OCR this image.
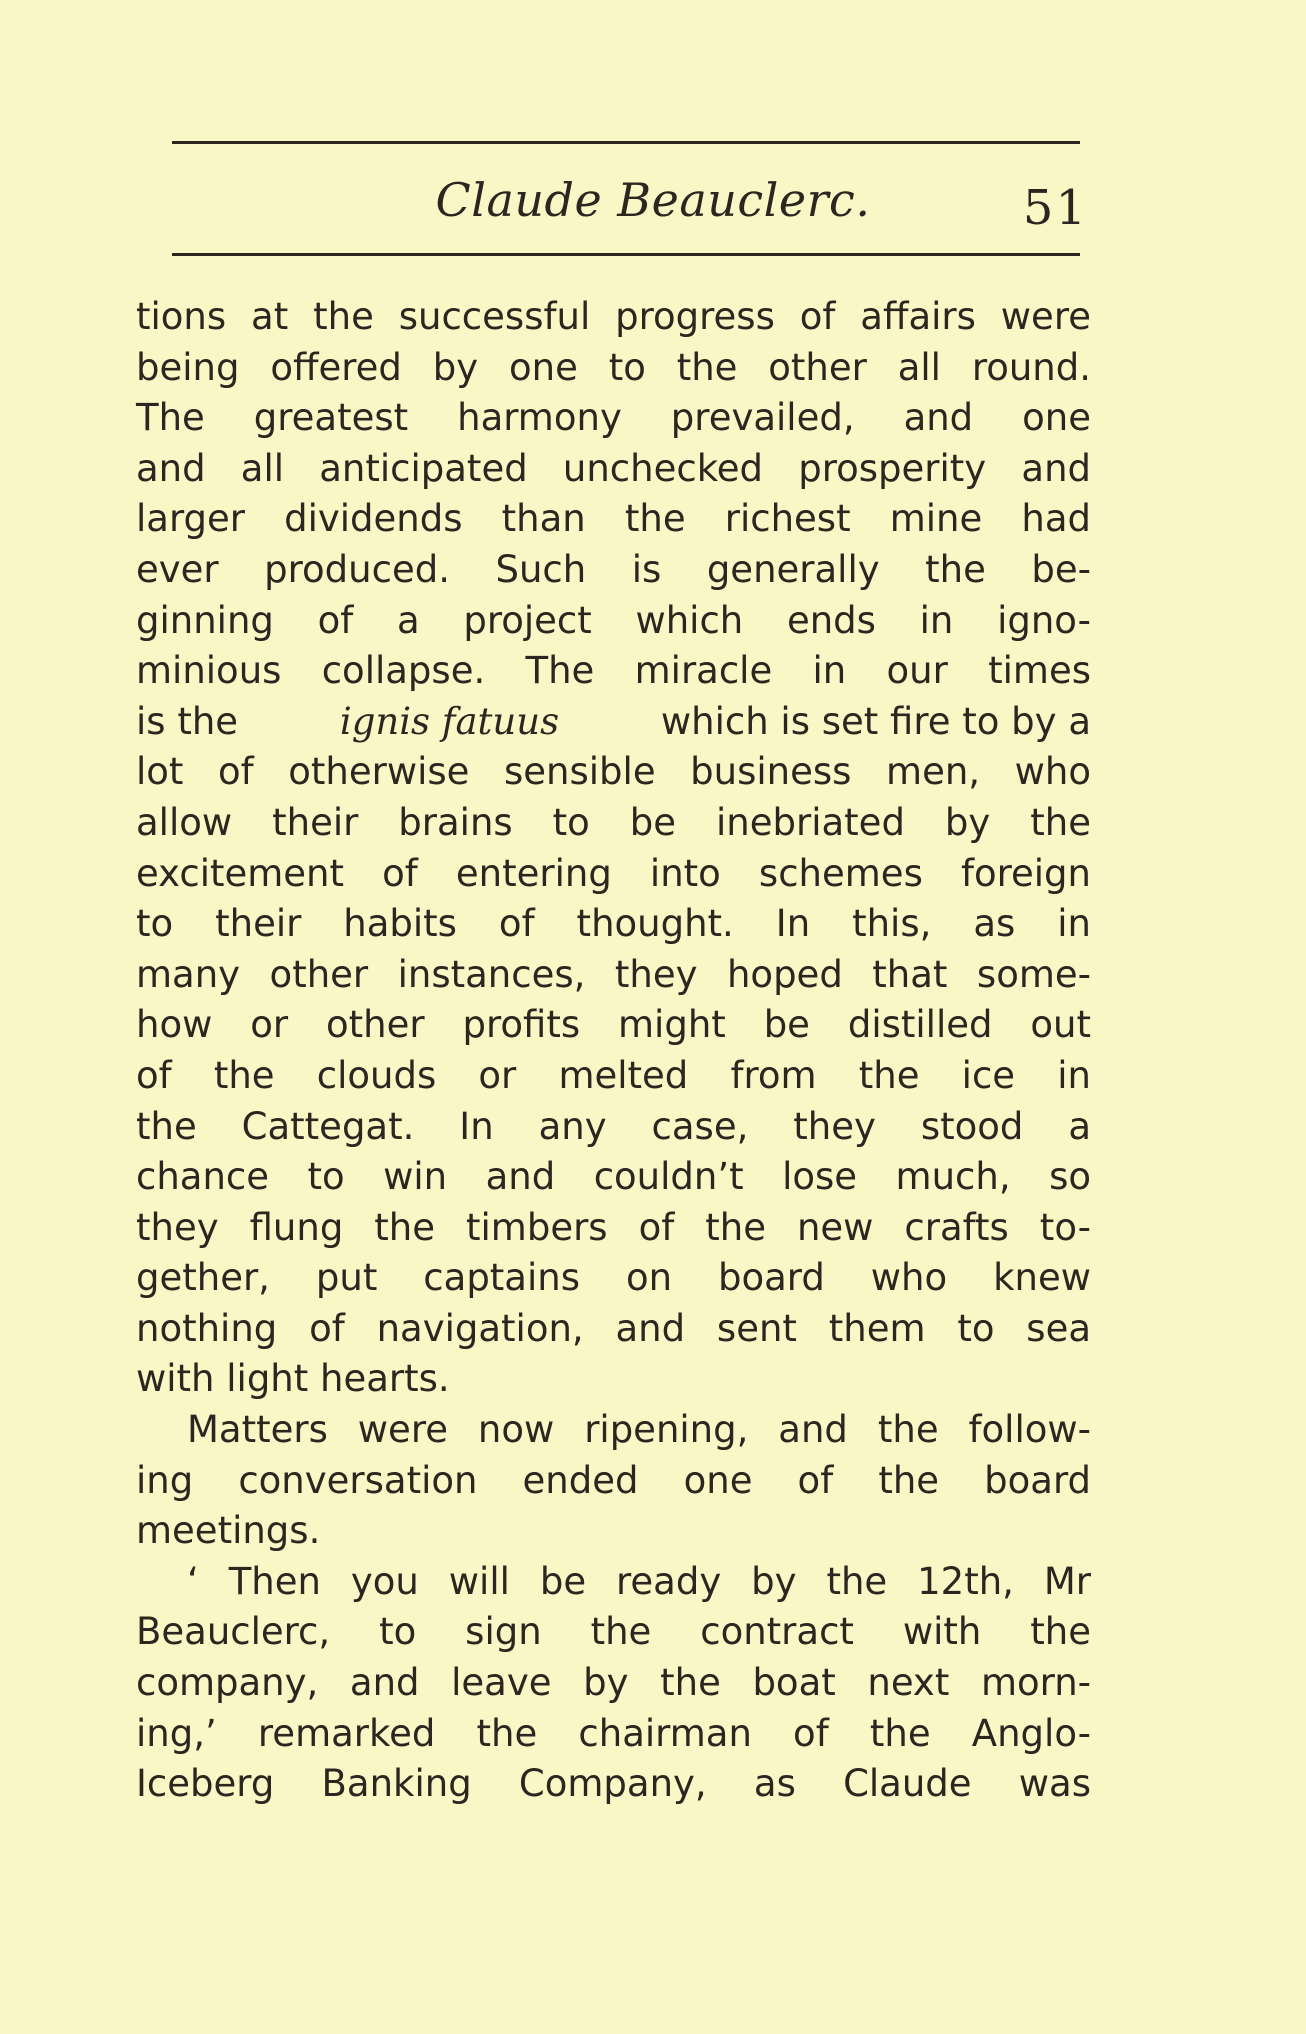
Claude Beauclerc.	51
tions at the successful progress of affairs were
being offered by one to the other all round.
The greatest harmony prevailed, and one
and all anticipated unchecked prosperity and
larger dividends than the richest mine had
ever produced. Such is generally the be-
ginning of a project which ends in igno-
minious collapse. The miracle in our times
is the	ignis fatuus	which is set fire to by a
lot of otherwise sensible business men, who
allow their brains to be inebriated by the
excitement of entering into schemes foreign
to their habits of thought. In this, as in
many other instances, they hoped that some-
how or other profits might be distilled out
of the clouds or melted from the ice in
the Cattegat. In any case, they stood a
chance to win and couldn’t lose much, so
they flung the timbers of the new crafts to-
gether, put captains on board who knew
nothing of navigation, and sent them to sea
with light hearts.
Matters were now ripening, and the follow-
ing conversation ended one of the board
meetings.
‘ Then you will be ready by the 12th, Mr
Beauclerc, to sign the contract with the
company, and leave by the boat next morn-
ing,’ remarked the chairman of the Anglo-
Iceberg Banking Company, as Claude was
